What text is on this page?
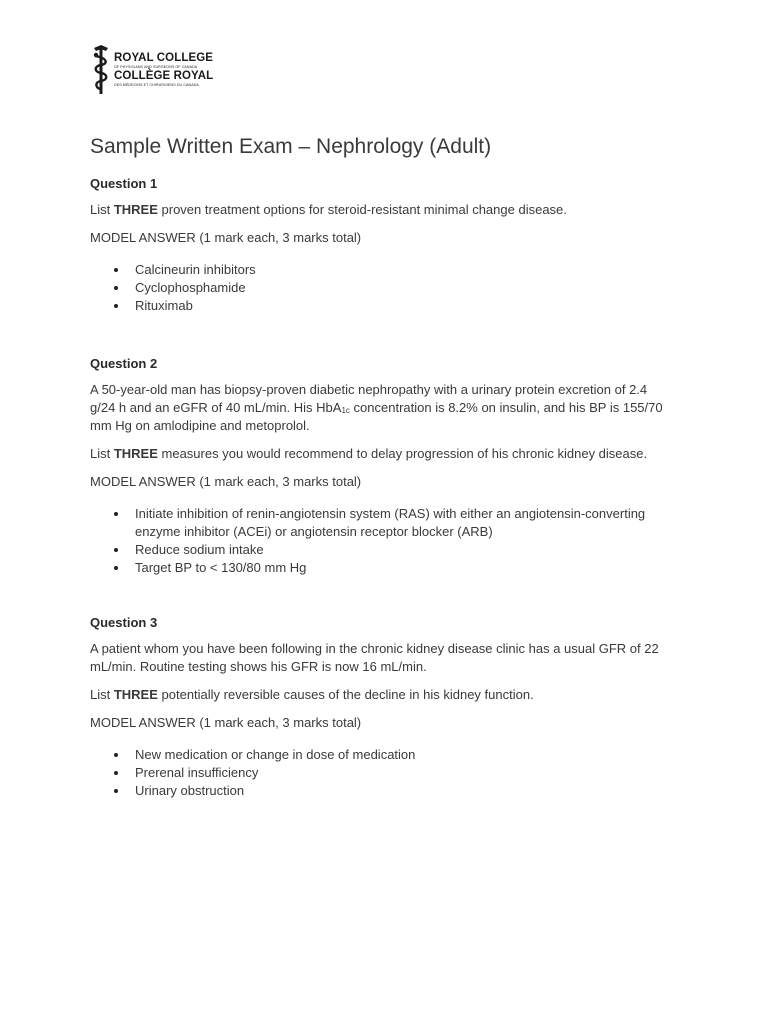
ROYAL COLLEGE
OF PHYSICIANS AND SURGEONS OF CANADA
COLLÈGE ROYAL
DES MÉDECINS ET CHIRURGIENS DU CANADA
Sample Written Exam – Nephrology (Adult)
Question 1

List THREE proven treatment options for steroid-resistant minimal change disease.

MODEL ANSWER (1 mark each, 3 marks total)

Calcineurin inhibitors
Cyclophosphamide
Rituximab
Question 2

A 50-year-old man has biopsy-proven diabetic nephropathy with a urinary protein excretion of 2.4 g/24 h and an eGFR of 40 mL/min. His HbA$_{1c}$ concentration is 8.2% on insulin, and his BP is 155/70 mm Hg on amlodipine and metoprolol.

List THREE measures you would recommend to delay progression of his chronic kidney disease.

MODEL ANSWER (1 mark each, 3 marks total)

Initiate inhibition of renin-angiotensin system (RAS) with either an angiotensin-converting enzyme inhibitor (ACEi) or angiotensin receptor blocker (ARB)
Reduce sodium intake
Target BP to < 130/80 mm Hg
Question 3

A patient whom you have been following in the chronic kidney disease clinic has a usual GFR of 22 mL/min. Routine testing shows his GFR is now 16 mL/min.

List THREE potentially reversible causes of the decline in his kidney function.

MODEL ANSWER (1 mark each, 3 marks total)

New medication or change in dose of medication
Prerenal insufficiency
Urinary obstruction
